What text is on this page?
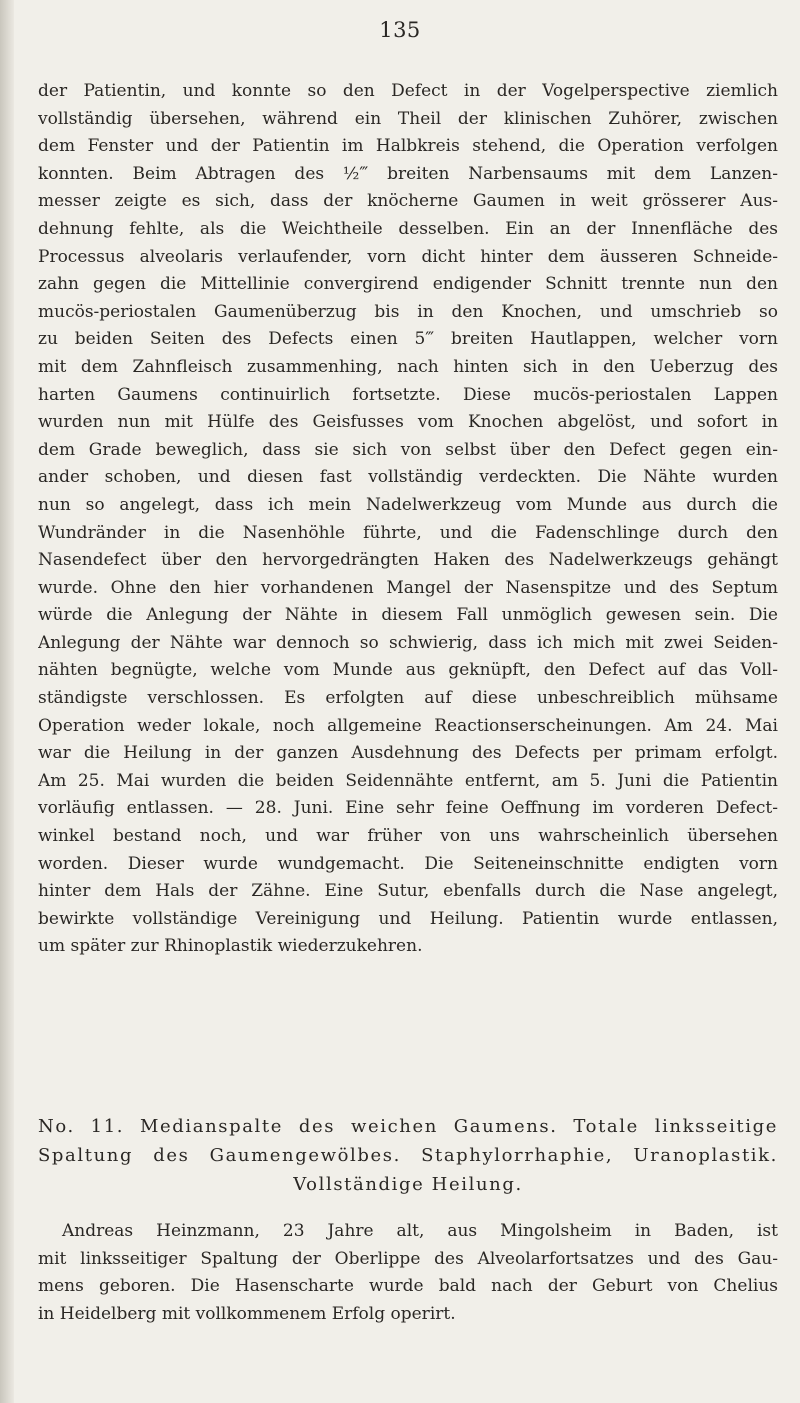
135
der Patientin, und konnte so den Defect in der Vogelperspective ziemlich
vollständig übersehen, während ein Theil der klinischen Zuhörer, zwischen
dem Fenster und der Patientin im Halbkreis stehend, die Operation verfolgen
konnten. Beim Abtragen des ½‴ breiten Narbensaums mit dem Lanzen-
messer zeigte es sich, dass der knöcherne Gaumen in weit grösserer Aus-
dehnung fehlte, als die Weichtheile desselben. Ein an der Innenfläche des
Processus alveolaris verlaufender, vorn dicht hinter dem äusseren Schneide-
zahn gegen die Mittellinie convergirend endigender Schnitt trennte nun den
mucös-periostalen Gaumenüberzug bis in den Knochen, und umschrieb so
zu beiden Seiten des Defects einen 5‴ breiten Hautlappen, welcher vorn
mit dem Zahnfleisch zusammenhing, nach hinten sich in den Ueberzug des
harten Gaumens continuirlich fortsetzte. Diese mucös-periostalen Lappen
wurden nun mit Hülfe des Geisfusses vom Knochen abgelöst, und sofort in
dem Grade beweglich, dass sie sich von selbst über den Defect gegen ein-
ander schoben, und diesen fast vollständig verdeckten. Die Nähte wurden
nun so angelegt, dass ich mein Nadelwerkzeug vom Munde aus durch die
Wundränder in die Nasenhöhle führte, und die Fadenschlinge durch den
Nasendefect über den hervorgedrängten Haken des Nadelwerkzeugs gehängt
wurde. Ohne den hier vorhandenen Mangel der Nasenspitze und des Septum
würde die Anlegung der Nähte in diesem Fall unmöglich gewesen sein. Die
Anlegung der Nähte war dennoch so schwierig, dass ich mich mit zwei Seiden-
nähten begnügte, welche vom Munde aus geknüpft, den Defect auf das Voll-
ständigste verschlossen. Es erfolgten auf diese unbeschreiblich mühsame
Operation weder lokale, noch allgemeine Reactionserscheinungen. Am 24. Mai
war die Heilung in der ganzen Ausdehnung des Defects per primam erfolgt.
Am 25. Mai wurden die beiden Seidennähte entfernt, am 5. Juni die Patientin
vorläufig entlassen. — 28. Juni. Eine sehr feine Oeffnung im vorderen Defect-
winkel bestand noch, und war früher von uns wahrscheinlich übersehen
worden. Dieser wurde wundgemacht. Die Seiteneinschnitte endigten vorn
hinter dem Hals der Zähne. Eine Sutur, ebenfalls durch die Nase angelegt,
bewirkte vollständige Vereinigung und Heilung. Patientin wurde entlassen,
um später zur Rhinoplastik wiederzukehren.
No. 11. Medianspalte des weichen Gaumens. Totale linksseitige
Spaltung des Gaumengewölbes. Staphylorrhaphie, Uranoplastik.
Vollständige Heilung.
Andreas Heinzmann, 23 Jahre alt, aus Mingolsheim in Baden, ist
mit linksseitiger Spaltung der Oberlippe des Alveolarfortsatzes und des Gau-
mens geboren. Die Hasenscharte wurde bald nach der Geburt von Chelius
in Heidelberg mit vollkommenem Erfolg operirt.
